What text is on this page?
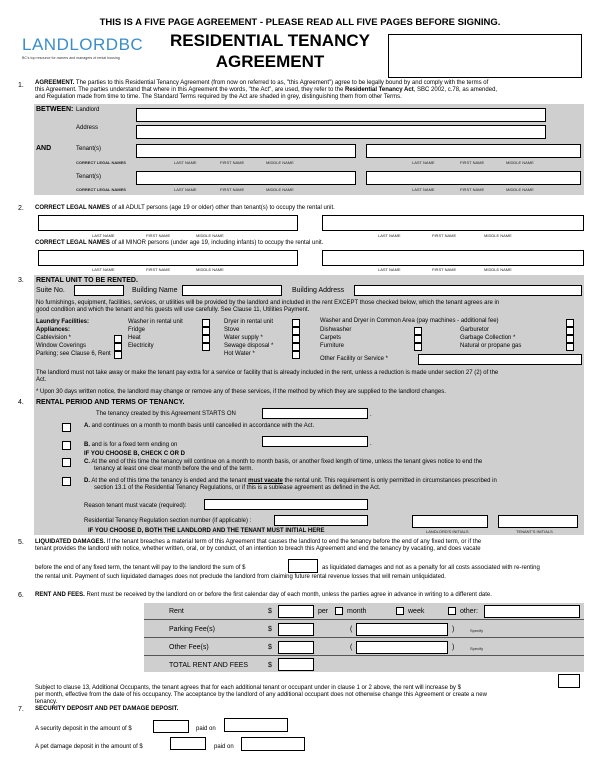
THIS IS A FIVE PAGE AGREEMENT - PLEASE READ ALL FIVE PAGES BEFORE SIGNING.
LANDLORDBC
BC's top resource for owners and managers of rental housing
RESIDENTIAL TENANCY
AGREEMENT
1. AGREEMENT. The parties to this Residential Tenancy Agreement (from now on referred to as, "this Agreement") agree to be legally bound by and comply with the terms of
this Agreement. The parties understand that where in this Agreement the words, "the Act", are used, they refer to the Residential Tenancy Act, SBC 2002, c.78, as amended,
and Regulation made from time to time. The Standard Terms required by the Act are shaded in grey, distinguishing them from other Terms.
BETWEEN: Landlord
Address
AND	Tenant(s)
CORRECT LEGAL NAMES	LAST NAME	FIRST NAME	MIDDLE NAME	LAST NAME	FIRST NAME	MIDDLE NAME
Tenant(s)
CORRECT LEGAL NAMES	LAST NAME	FIRST NAME	MIDDLE NAME	LAST NAME	FIRST NAME	MIDDLE NAME
2. CORRECT LEGAL NAMES of all ADULT persons (age 19 or older) other than tenant(s) to occupy the rental unit.
LAST NAME	FIRST NAME	MIDDLE NAME	LAST NAME	FIRST NAME	MIDDLE NAME
CORRECT LEGAL NAMES of all MINOR persons (under age 19, including infants) to occupy the rental unit.
LAST NAME	FIRST NAME	MIDDLE NAME	LAST NAME	FIRST NAME	MIDDLE NAME
3. RENTAL UNIT TO BE RENTED.
Suite No.	Building Name	Building Address
No furnishings, equipment, facilities, services, or utilities will be provided by the landlord and included in the rent EXCEPT those checked below, which the tenant agrees are in
good condition and which the tenant and his guests will use carefully. See Clause 11, Utilities Payment.
Laundry Facilities:
Appliances:
Cablevision *
Window Coverings
Parking; see Clause 6, Rent
Washer in rental unit
Fridge
Heat
Electricity
Dryer in rental unit
Stove
Water supply *
Sewage disposal *
Hot Water *
Washer and Dryer in Common Area (pay machines - additional fee)
Dishwasher
Carpets
Furniture
Other Facility or Service *
Garburetor
Garbage Collection *
Natural or propane gas
The landlord must not take away or make the tenant pay extra for a service or facility that is already included in the rent, unless a reduction is made under section 27 (2) of the
Act.
* Upon 30 days written notice, the landlord may change or remove any of these services, if the method by which they are supplied to the landlord changes.
4. RENTAL PERIOD AND TERMS OF TENANCY.
The tenancy created by this Agreement STARTS ON	.
A. and continues on a month to month basis until cancelled in accordance with the Act.
B. and is for a fixed term ending on	.
IF YOU CHOOSE B, CHECK C OR D
C. At the end of this time the tenancy will continue on a month to month basis, or another fixed length of time, unless the tenant gives notice to end the
tenancy at least one clear month before the end of the term.
D. At the end of this time the tenancy is ended and the tenant must vacate the rental unit. This requirement is only permitted in circumstances prescribed in
section 13.1 of the Residential Tenancy Regulations, or if this is a sublease agreement as defined in the Act.
Reason tenant must vacate (required):
Residential Tenancy Regulation section number (if applicable) :
IF YOU CHOOSE D, BOTH THE LANDLORD AND THE TENANT MUST INITIAL HERE	LANDLORD'S INITIALS	TENANT'S INITIALS
5. LIQUIDATED DAMAGES. If the tenant breaches a material term of this Agreement that causes the landlord to end the tenancy before the end of any fixed term, or if the
tenant provides the landlord with notice, whether written, oral, or by conduct, of an intention to breach this Agreement and end the tenancy by vacating, and does vacate
before the end of any fixed term, the tenant will pay to the landlord the sum of $	as liquidated damages and not as a penalty for all costs associated with re-renting
the rental unit. Payment of such liquidated damages does not preclude the landlord from claiming future rental revenue losses that will remain unliquidated.
6. RENT AND FEES. Rent must be received by the landlord on or before the first calendar day of each month, unless the parties agree in advance in writing to a different date.
Rent	$	per	month	week	other:
Parking Fee(s)	$	(	)	Specify
Other Fee(s)	$	(	)	Specify
TOTAL RENT AND FEES	$
Subject to clause 13, Additional Occupants, the tenant agrees that for each additional tenant or occupant under in clause 1 or 2 above, the rent will increase by $
per month, effective from the date of his occupancy. The acceptance by the landlord of any additional occupant does not otherwise change this Agreement or create a new
tenancy.
7. SECURITY DEPOSIT AND PET DAMAGE DEPOSIT.
A security deposit in the amount of $	paid on
A pet damage deposit in the amount of $	paid on
